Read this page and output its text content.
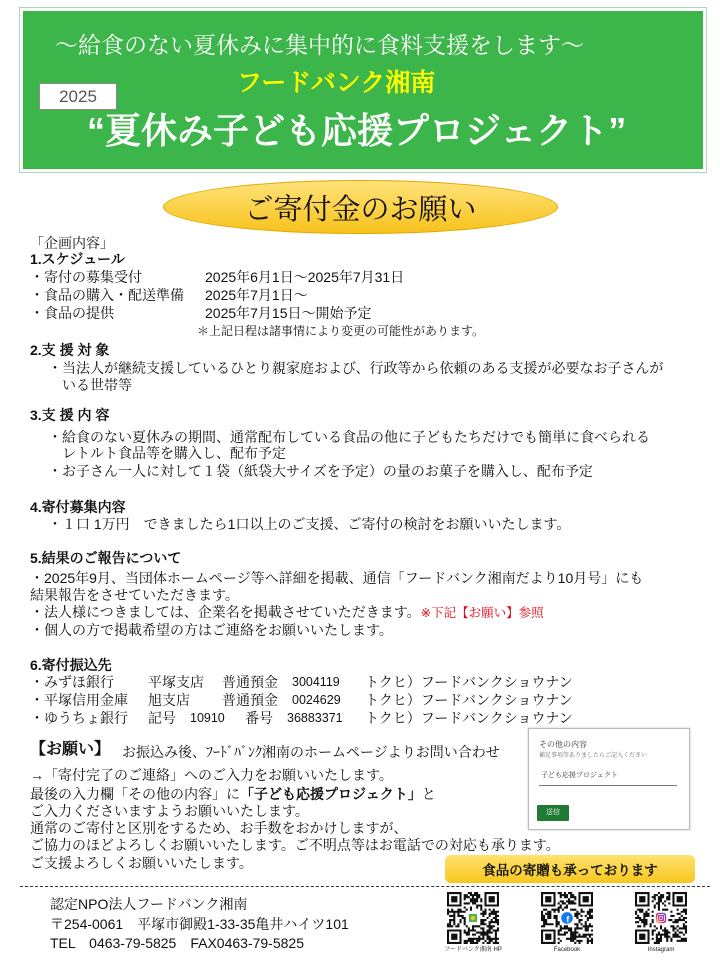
～給食のない夏休みに集中的に食料支援をします～
フードバンク湘南
2025
“夏休み子ども応援プロジェクト”
ご寄付金のお願い
「企画内容」
1.スケジュール
・寄付の募集受付	2025年6月1日～2025年7月31日
・食品の購入・配送準備 2025年7月1日～
・食品の提供	2025年7月15日～開始予定
＊上記日程は諸事情により変更の可能性があります。
2.支 援 対 象
・当法人が継続支援しているひとり親家庭および、行政等から依頼のある支援が必要なお子さんが
いる世帯等
3.支 援 内 容
・給食のない夏休みの期間、通常配布している食品の他に子どもたちだけでも簡単に食べられる
レトルト食品等を購入し、配布予定
・お子さん一人に対して１袋（紙袋大サイズを予定）の量のお菓子を購入し、配布予定
4.寄付募集内容
・１口 1万円　できましたら1口以上のご支援、ご寄付の検討をお願いいたします。
5.結果のご報告について
・2025年9月、当団体ホームページ等へ詳細を掲載、通信「フードバンク湘南だより10月号」にも
結果報告をさせていただきます。
・法人様につきましては、企業名を掲載させていただきます。※下記【お願い】参照
・個人の方で掲載希望の方はご連絡をお願いいたします。
6.寄付振込先
・みずほ銀行 平塚支店 普通預金 3004119 トクヒ）フードバンクショウナン
・平塚信用金庫 旭支店 普通預金 0024629 トクヒ）フードバンクショウナン
・ゆうちょ銀行 記号 10910 番号 36883371 トクヒ）フードバンクショウナン
【お願い】 お振込み後、ﾌｰﾄﾞﾊﾞﾝｸ湘南のホームページよりお問い合わせ
→「寄付完了のご連絡」へのご入力をお願いいたします。
最後の入力欄「その他の内容」に「子ども応援プロジェクト」と
ご入力くださいますようお願いいたします。
通常のご寄付と区別をするため、お手数をおかけしますが、
ご協力のほどよろしくお願いいたします。ご不明点等はお電話での対応も承ります。
ご支援よろしくお願いいたします。
その他の内容
補足事項等ありましたらご記入ください
子ども応援プロジェクト
送信
食品の寄贈も承っております
認定NPO法人フードバンク湘南
〒254-0061　平塚市御殿1-33-35亀井ハイツ101
TEL　0463-79-5825　FAX0463-79-5825
f
フードバンク湘南 HP	Facebook	Instagram
